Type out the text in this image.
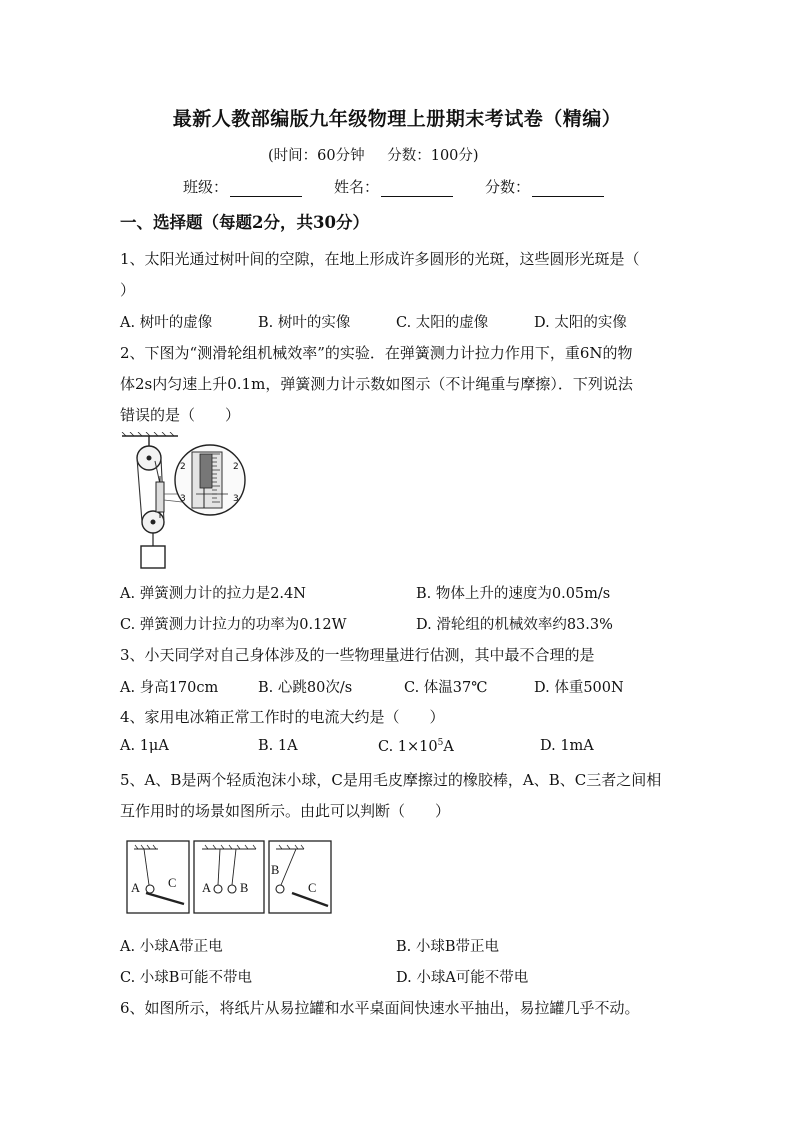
最新人教部编版九年级物理上册期末考试卷（精编）
(时间：60分钟 分数：100分)
班级：	姓名：	分数：
一、选择题（每题2分，共30分）
1、太阳光通过树叶间的空隙，在地上形成许多圆形的光斑，这些圆形光斑是（
）
A. 树叶的虚像	B. 树叶的实像	C. 太阳的虚像	D. 太阳的实像
2、下图为“测滑轮组机械效率”的实验．在弹簧测力计拉力作用下，重6N的物
体2s内匀速上升0.1m，弹簧测力计示数如图示（不计绳重与摩擦）．下列说法
错误的是（　　）
2	2
3	3
A. 弹簧测力计的拉力是2.4N	B. 物体上升的速度为0.05m/s
C. 弹簧测力计拉力的功率为0.12W	D. 滑轮组的机械效率约83.3%
3、小天同学对自己身体涉及的一些物理量进行估测，其中最不合理的是
A. 身高170cm	B. 心跳80次/s	C. 体温37℃	D. 体重500N
4、家用电冰箱正常工作时的电流大约是（　　）
A. 1μA	B. 1A	C. $1\times 10^5A$	D. 1mA
5、A、B是两个轻质泡沫小球，C是用毛皮摩擦过的橡胶棒，A、B、C三者之间相
互作用时的场景如图所示。由此可以判断（　　）
A C A B
B
C
A. 小球A带正电	B. 小球B带正电
C. 小球B可能不带电	D. 小球A可能不带电
6、如图所示，将纸片从易拉罐和水平桌面间快速水平抽出，易拉罐几乎不动。
